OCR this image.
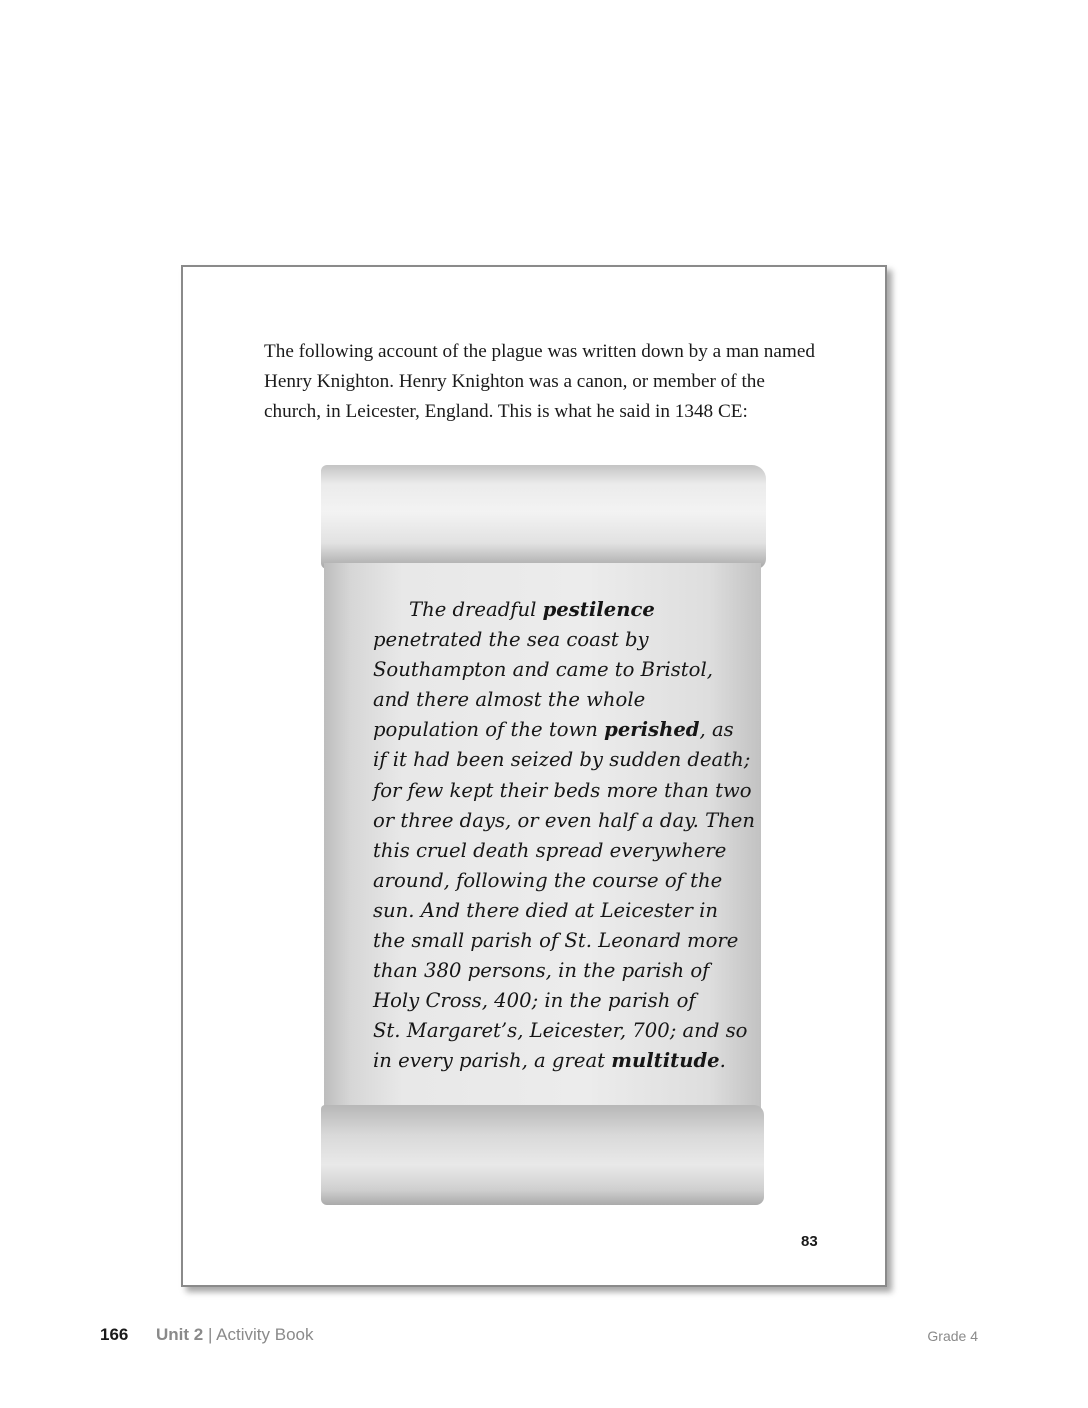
The following account of the plague was written down by a man named
Henry Knighton. Henry Knighton was a canon, or member of the
church, in Leicester, England. This is what he said in 1348 CE:

The dreadful pestilence
penetrated the sea coast by
Southampton and came to Bristol,
and there almost the whole
population of the town perished, as
if it had been seized by sudden death;
for few kept their beds more than two
or three days, or even half a day. Then
this cruel death spread everywhere
around, following the course of the
sun. And there died at Leicester in
the small parish of St. Leonard more
than 380 persons, in the parish of
Holy Cross, 400; in the parish of
St. Margaret’s, Leicester, 700; and so
in every parish, a great multitude.

83
166 Unit 2 | Activity Book	Grade 4
